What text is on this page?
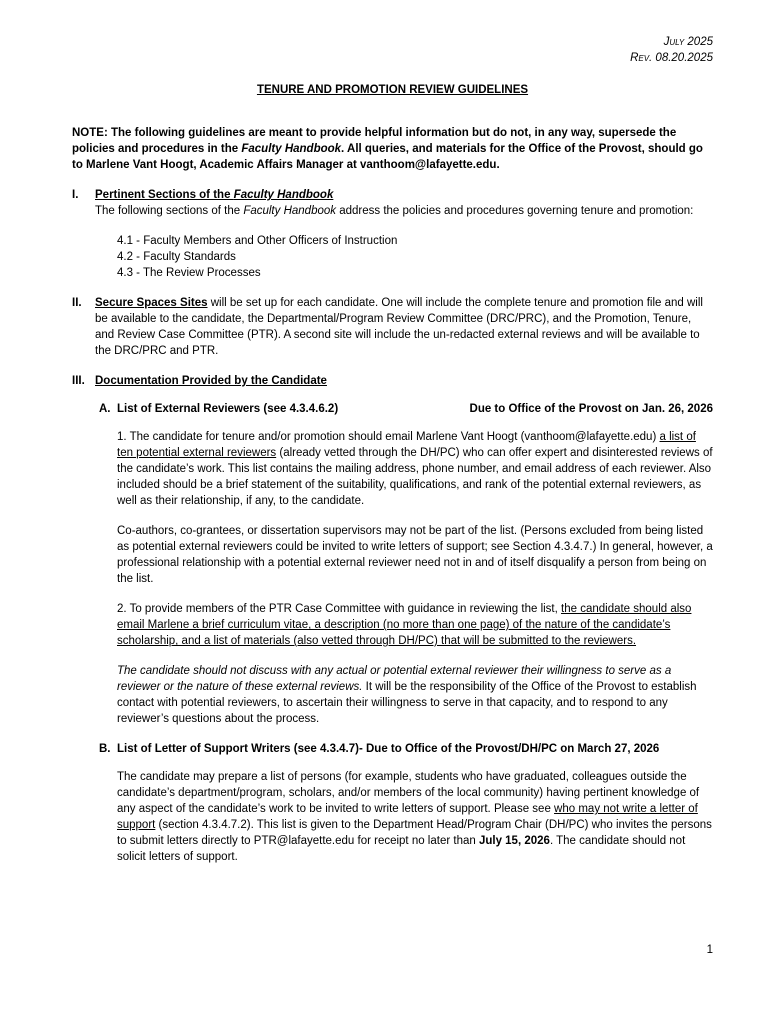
July 2025
Rev. 08.20.2025
TENURE AND PROMOTION REVIEW GUIDELINES

NOTE: The following guidelines are meant to provide helpful information but do not, in any way, supersede the policies and procedures in the Faculty Handbook. All queries, and materials for the Office of the Provost, should go to Marlene Vant Hoogt, Academic Affairs Manager at vanthoom@lafayette.edu.

I.	Pertinent Sections of the Faculty Handbook
The following sections of the Faculty Handbook address the policies and procedures governing tenure and promotion:
4.1 - Faculty Members and Other Officers of Instruction
4.2 - Faculty Standards
4.3 - The Review Processes
II.	Secure Spaces Sites will be set up for each candidate. One will include the complete tenure and promotion file and will be available to the candidate, the Departmental/Program Review Committee (DRC/PRC), and the Promotion, Tenure, and Review Case Committee (PTR). A second site will include the un-redacted external reviews and will be available to the DRC/PRC and PTR.

III. Documentation Provided by the Candidate
A. List of External Reviewers (see 4.3.4.6.2)	Due to Office of the Provost on Jan. 26, 2026

1. The candidate for tenure and/or promotion should email Marlene Vant Hoogt (vanthoom@lafayette.edu) a list of ten potential external reviewers (already vetted through the DH/PC) who can offer expert and disinterested reviews of the candidate’s work. This list contains the mailing address, phone number, and email address of each reviewer. Also included should be a brief statement of the suitability, qualifications, and rank of the potential external reviewers, as well as their relationship, if any, to the candidate.

Co-authors, co-grantees, or dissertation supervisors may not be part of the list. (Persons excluded from being listed as potential external reviewers could be invited to write letters of support; see Section 4.3.4.7.) In general, however, a professional relationship with a potential external reviewer need not in and of itself disqualify a person from being on the list.

2. To provide members of the PTR Case Committee with guidance in reviewing the list, the candidate should also email Marlene a brief curriculum vitae, a description (no more than one page) of the nature of the candidate’s scholarship, and a list of materials (also vetted through DH/PC) that will be submitted to the reviewers.

The candidate should not discuss with any actual or potential external reviewer their willingness to serve as a reviewer or the nature of these external reviews. It will be the responsibility of the Office of the Provost to establish contact with potential reviewers, to ascertain their willingness to serve in that capacity, and to respond to any reviewer’s questions about the process.

B. List of Letter of Support Writers (see 4.3.4.7)- Due to Office of the Provost/DH/PC on March 27, 2026

The candidate may prepare a list of persons (for example, students who have graduated, colleagues outside the candidate’s department/program, scholars, and/or members of the local community) having pertinent knowledge of any aspect of the candidate’s work to be invited to write letters of support. Please see who may not write a letter of support (section 4.3.4.7.2). This list is given to the Department Head/Program Chair (DH/PC) who invites the persons to submit letters directly to PTR@lafayette.edu for receipt no later than July 15, 2026. The candidate should not solicit letters of support.

1
